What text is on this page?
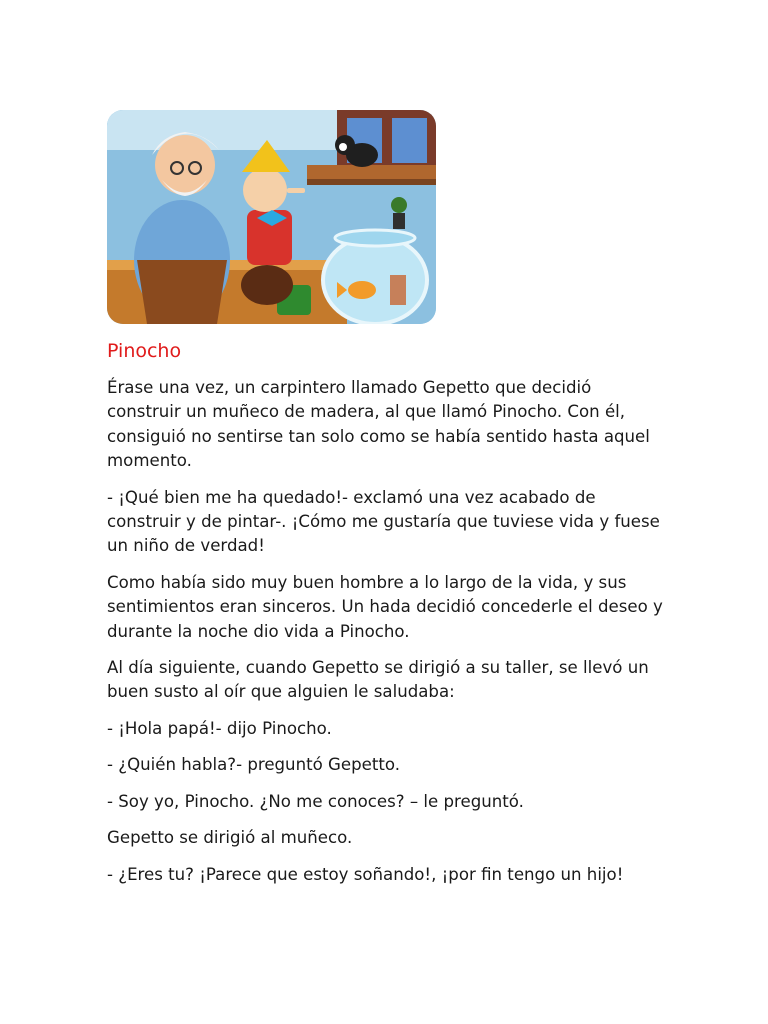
Pinocho

Érase una vez, un carpintero llamado Gepetto que decidió construir un muñeco de madera, al que llamó Pinocho. Con él, consiguió no sentirse tan solo como se había sentido hasta aquel momento.

- ¡Qué bien me ha quedado!- exclamó una vez acabado de construir y de pintar-. ¡Cómo me gustaría que tuviese vida y fuese un niño de verdad!

Como había sido muy buen hombre a lo largo de la vida, y sus sentimientos eran sinceros. Un hada decidió concederle el deseo y durante la noche dio vida a Pinocho.

Al día siguiente, cuando Gepetto se dirigió a su taller, se llevó un buen susto al oír que alguien le saludaba:

- ¡Hola papá!- dijo Pinocho.

- ¿Quién habla?- preguntó Gepetto.

- Soy yo, Pinocho. ¿No me conoces? – le preguntó.

Gepetto se dirigió al muñeco.

- ¿Eres tu? ¡Parece que estoy soñando!, ¡por fin tengo un hijo!
